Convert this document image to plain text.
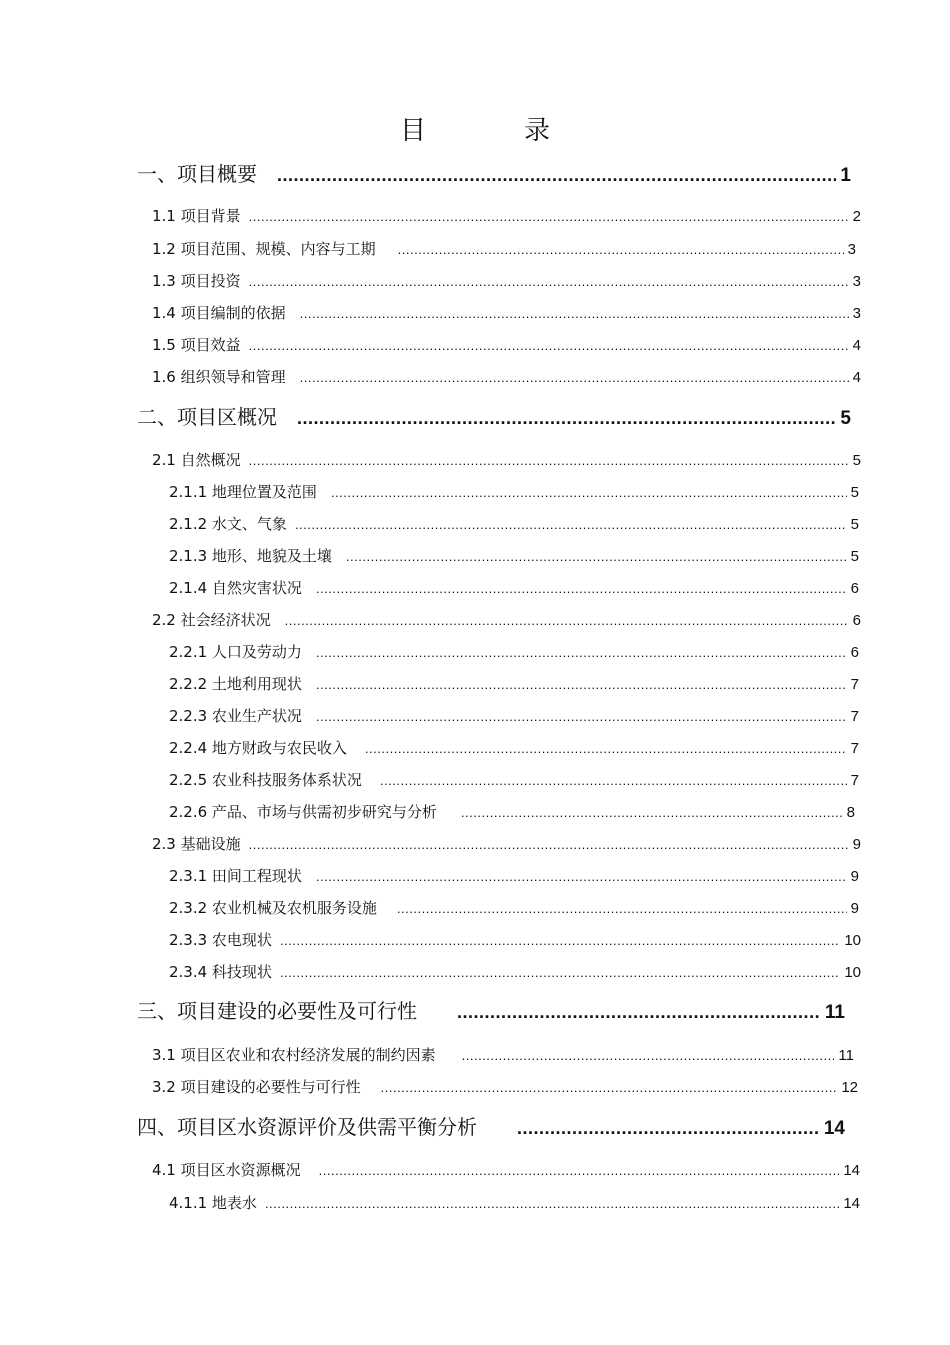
目　录
一、项目概要 .....	1
1.1 项目背景 .....	2
1.2 项目范围、规模、内容与工期 .....	3
1.3 项目投资 .....	3
1.4 项目编制的依据 .....	3
1.5 项目效益 .....	4
1.6 组织领导和管理 .....	4
二、项目区概况 .....	5
2.1 自然概况 .....	5
2.1.1 地理位置及范围 .....	5
2.1.2 水文、气象 .....	5
2.1.3 地形、地貌及土壤 .....	5
2.1.4 自然灾害状况 .....	6
2.2 社会经济状况 .....	6
2.2.1 人口及劳动力 .....	6
2.2.2 土地利用现状 .....	7
2.2.3 农业生产状况 .....	7
2.2.4 地方财政与农民收入 .....	7
2.2.5 农业科技服务体系状况 .....	7
2.2.6 产品、市场与供需初步研究与分析 .....	8
2.3 基础设施 .....	9
2.3.1 田间工程现状 .....	9
2.3.2 农业机械及农机服务设施 .....	9
2.3.3 农电现状 .....	10
2.3.4 科技现状 .....	10
三、项目建设的必要性及可行性 .....	11
3.1 项目区农业和农村经济发展的制约因素 .....	11
3.2 项目建设的必要性与可行性 .....	12
四、项目区水资源评价及供需平衡分析 .....	14
4.1 项目区水资源概况 .....	14
4.1.1 地表水 .....	14
